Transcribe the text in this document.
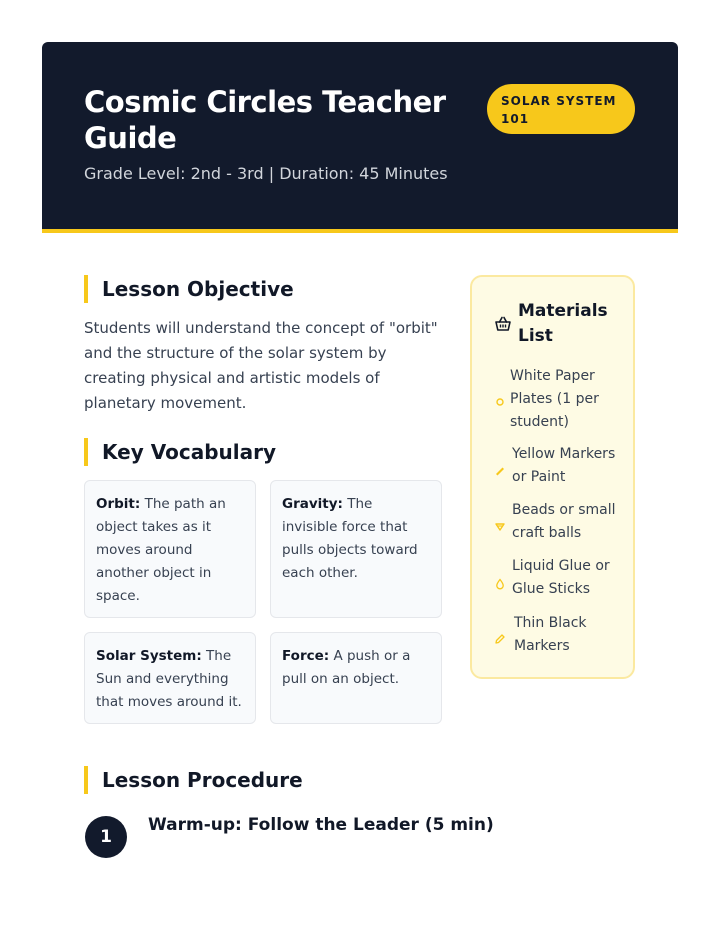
Cosmic Circles Teacher Guide
Grade Level: 2nd - 3rd | Duration: 45 Minutes
SOLAR SYSTEM 101
Lesson Objective
Students will understand the concept of "orbit" and the structure of the solar system by creating physical and artistic models of planetary movement.
Key Vocabulary
Orbit: The path an object takes as it moves around another object in space.
Gravity: The invisible force that pulls objects toward each other.
Solar System: The Sun and everything that moves around it.
Force: A push or a pull on an object.
Materials List
White Paper Plates (1 per student)
Yellow Markers or Paint
Beads or small craft balls
Liquid Glue or Glue Sticks
Thin Black Markers
Lesson Procedure
1
Warm-up: Follow the Leader (5 min)
